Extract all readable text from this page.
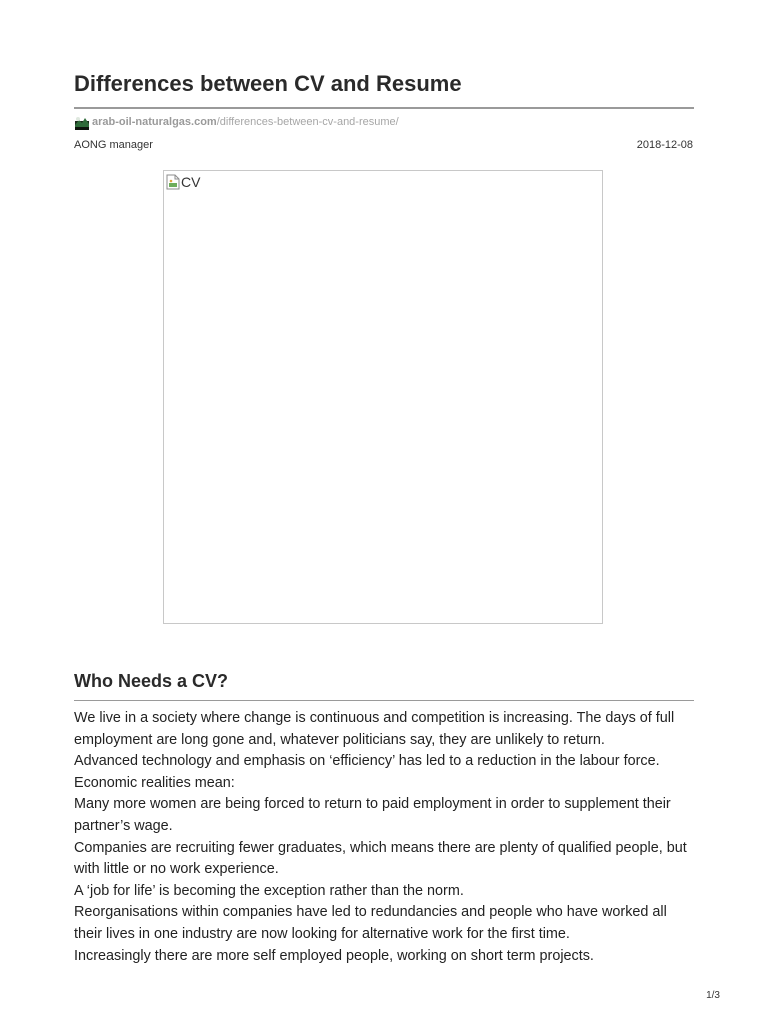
Differences between CV and Resume
arab-oil-naturalgas.com /differences-between-cv-and-resume/
AONG manager	2018-12-08
CV
Who Needs a CV?

We live in a society where change is continuous and competition is increasing. The days of full employment are long gone and, whatever politicians say, they are unlikely to return.

Advanced technology and emphasis on ‘efficiency’ has led to a reduction in the labour force.

Economic realities mean:

Many more women are being forced to return to paid employment in order to supplement their partner’s wage.

Companies are recruiting fewer graduates, which means there are plenty of qualified people, but with little or no work experience.

A ‘job for life’ is becoming the exception rather than the norm.

Reorganisations within companies have led to redundancies and people who have worked all their lives in one industry are now looking for alternative work for the first time.

Increasingly there are more self employed people, working on short term projects.

1/3
